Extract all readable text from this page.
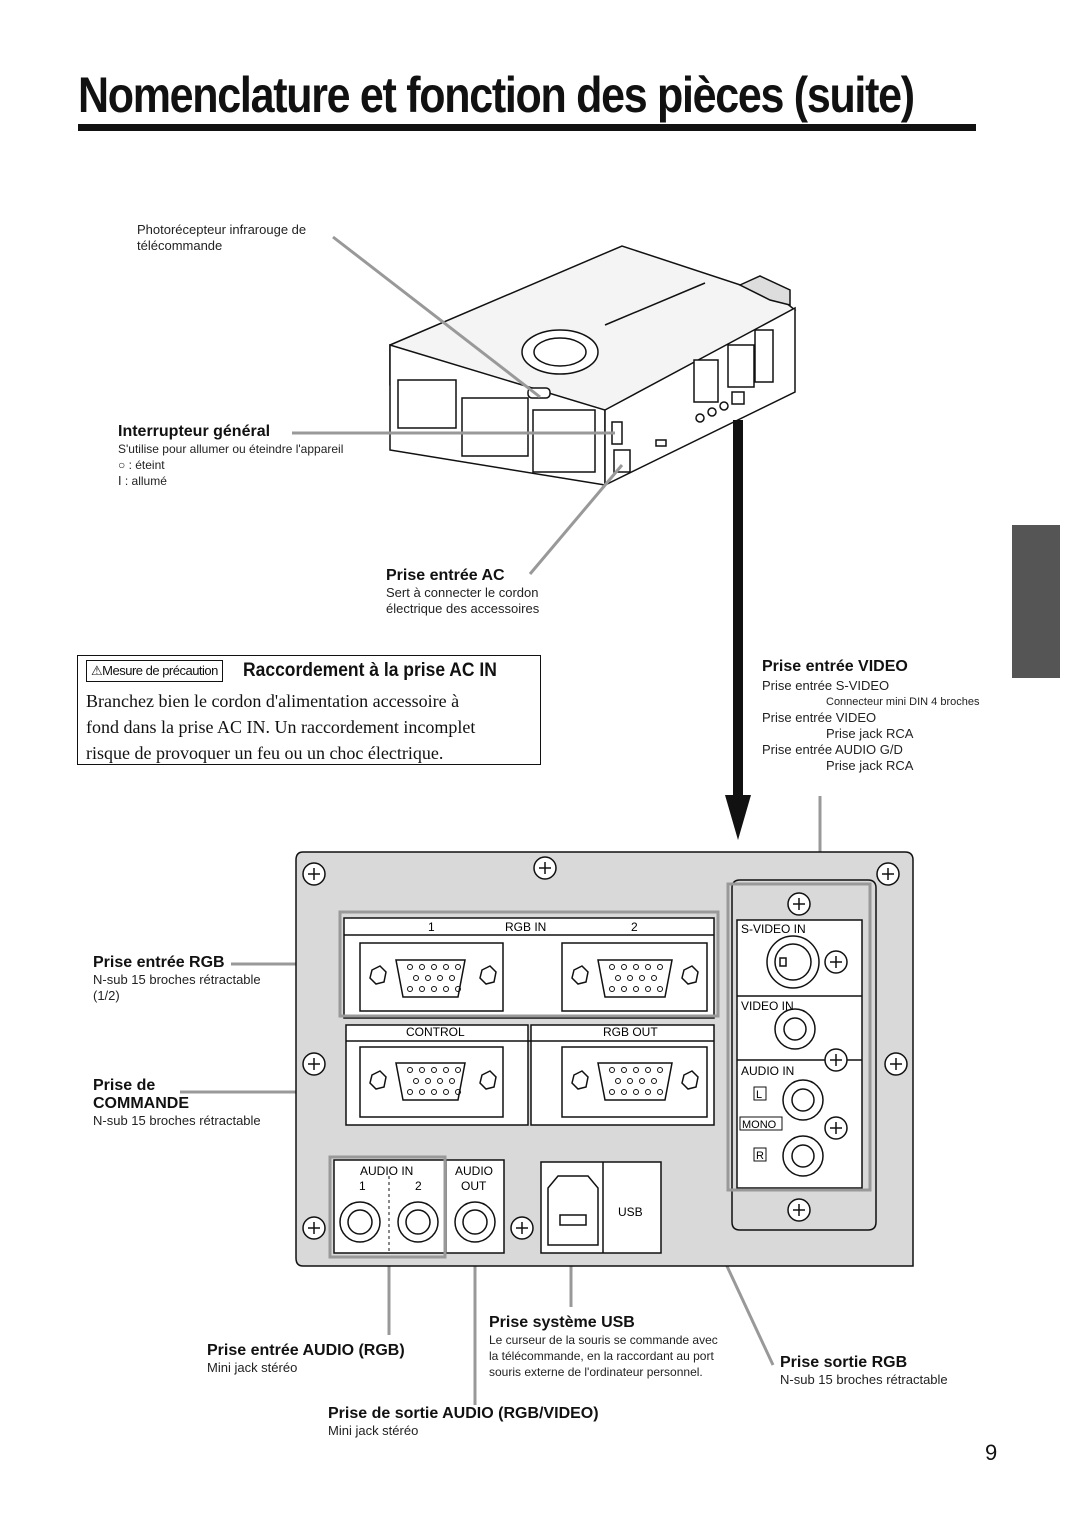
Nomenclature et fonction des pièces (suite)
1	RGB IN	2
CONTROL	RGB OUT
S-VIDEO IN
VIDEO IN
AUDIO IN
L
MONO
R
AUDIO IN
1	2
AUDIO
OUT
USB
Photorécepteur infrarouge de
télécommande
Interrupteur général
S'utilise pour allumer ou éteindre l'appareil
○ : éteint
Ⅰ : allumé
Prise entrée AC
Sert à connecter le cordon
électrique des accessoires
⚠Mesure de précaution Raccordement à la prise AC IN
Branchez bien le cordon d'alimentation accessoire à
fond dans la prise AC IN. Un raccordement incomplet
risque de provoquer un feu ou un choc électrique.
Prise entrée VIDEO
Prise entrée S-VIDEO
Connecteur mini DIN 4 broches
Prise entrée VIDEO
Prise jack RCA
Prise entrée AUDIO G/D
Prise jack RCA
Prise entrée RGB
N-sub 15 broches rétractable
(1/2)
Prise de
COMMANDE
N-sub 15 broches rétractable
Prise système USB
Le curseur de la souris se commande avec
la télécommande, en la raccordant au port
souris externe de l'ordinateur personnel.
Prise entrée AUDIO (RGB)
Mini jack stéréo	Prise sortie RGB
N-sub 15 broches rétractable
Prise de sortie AUDIO (RGB/VIDEO)
Mini jack stéréo
9
